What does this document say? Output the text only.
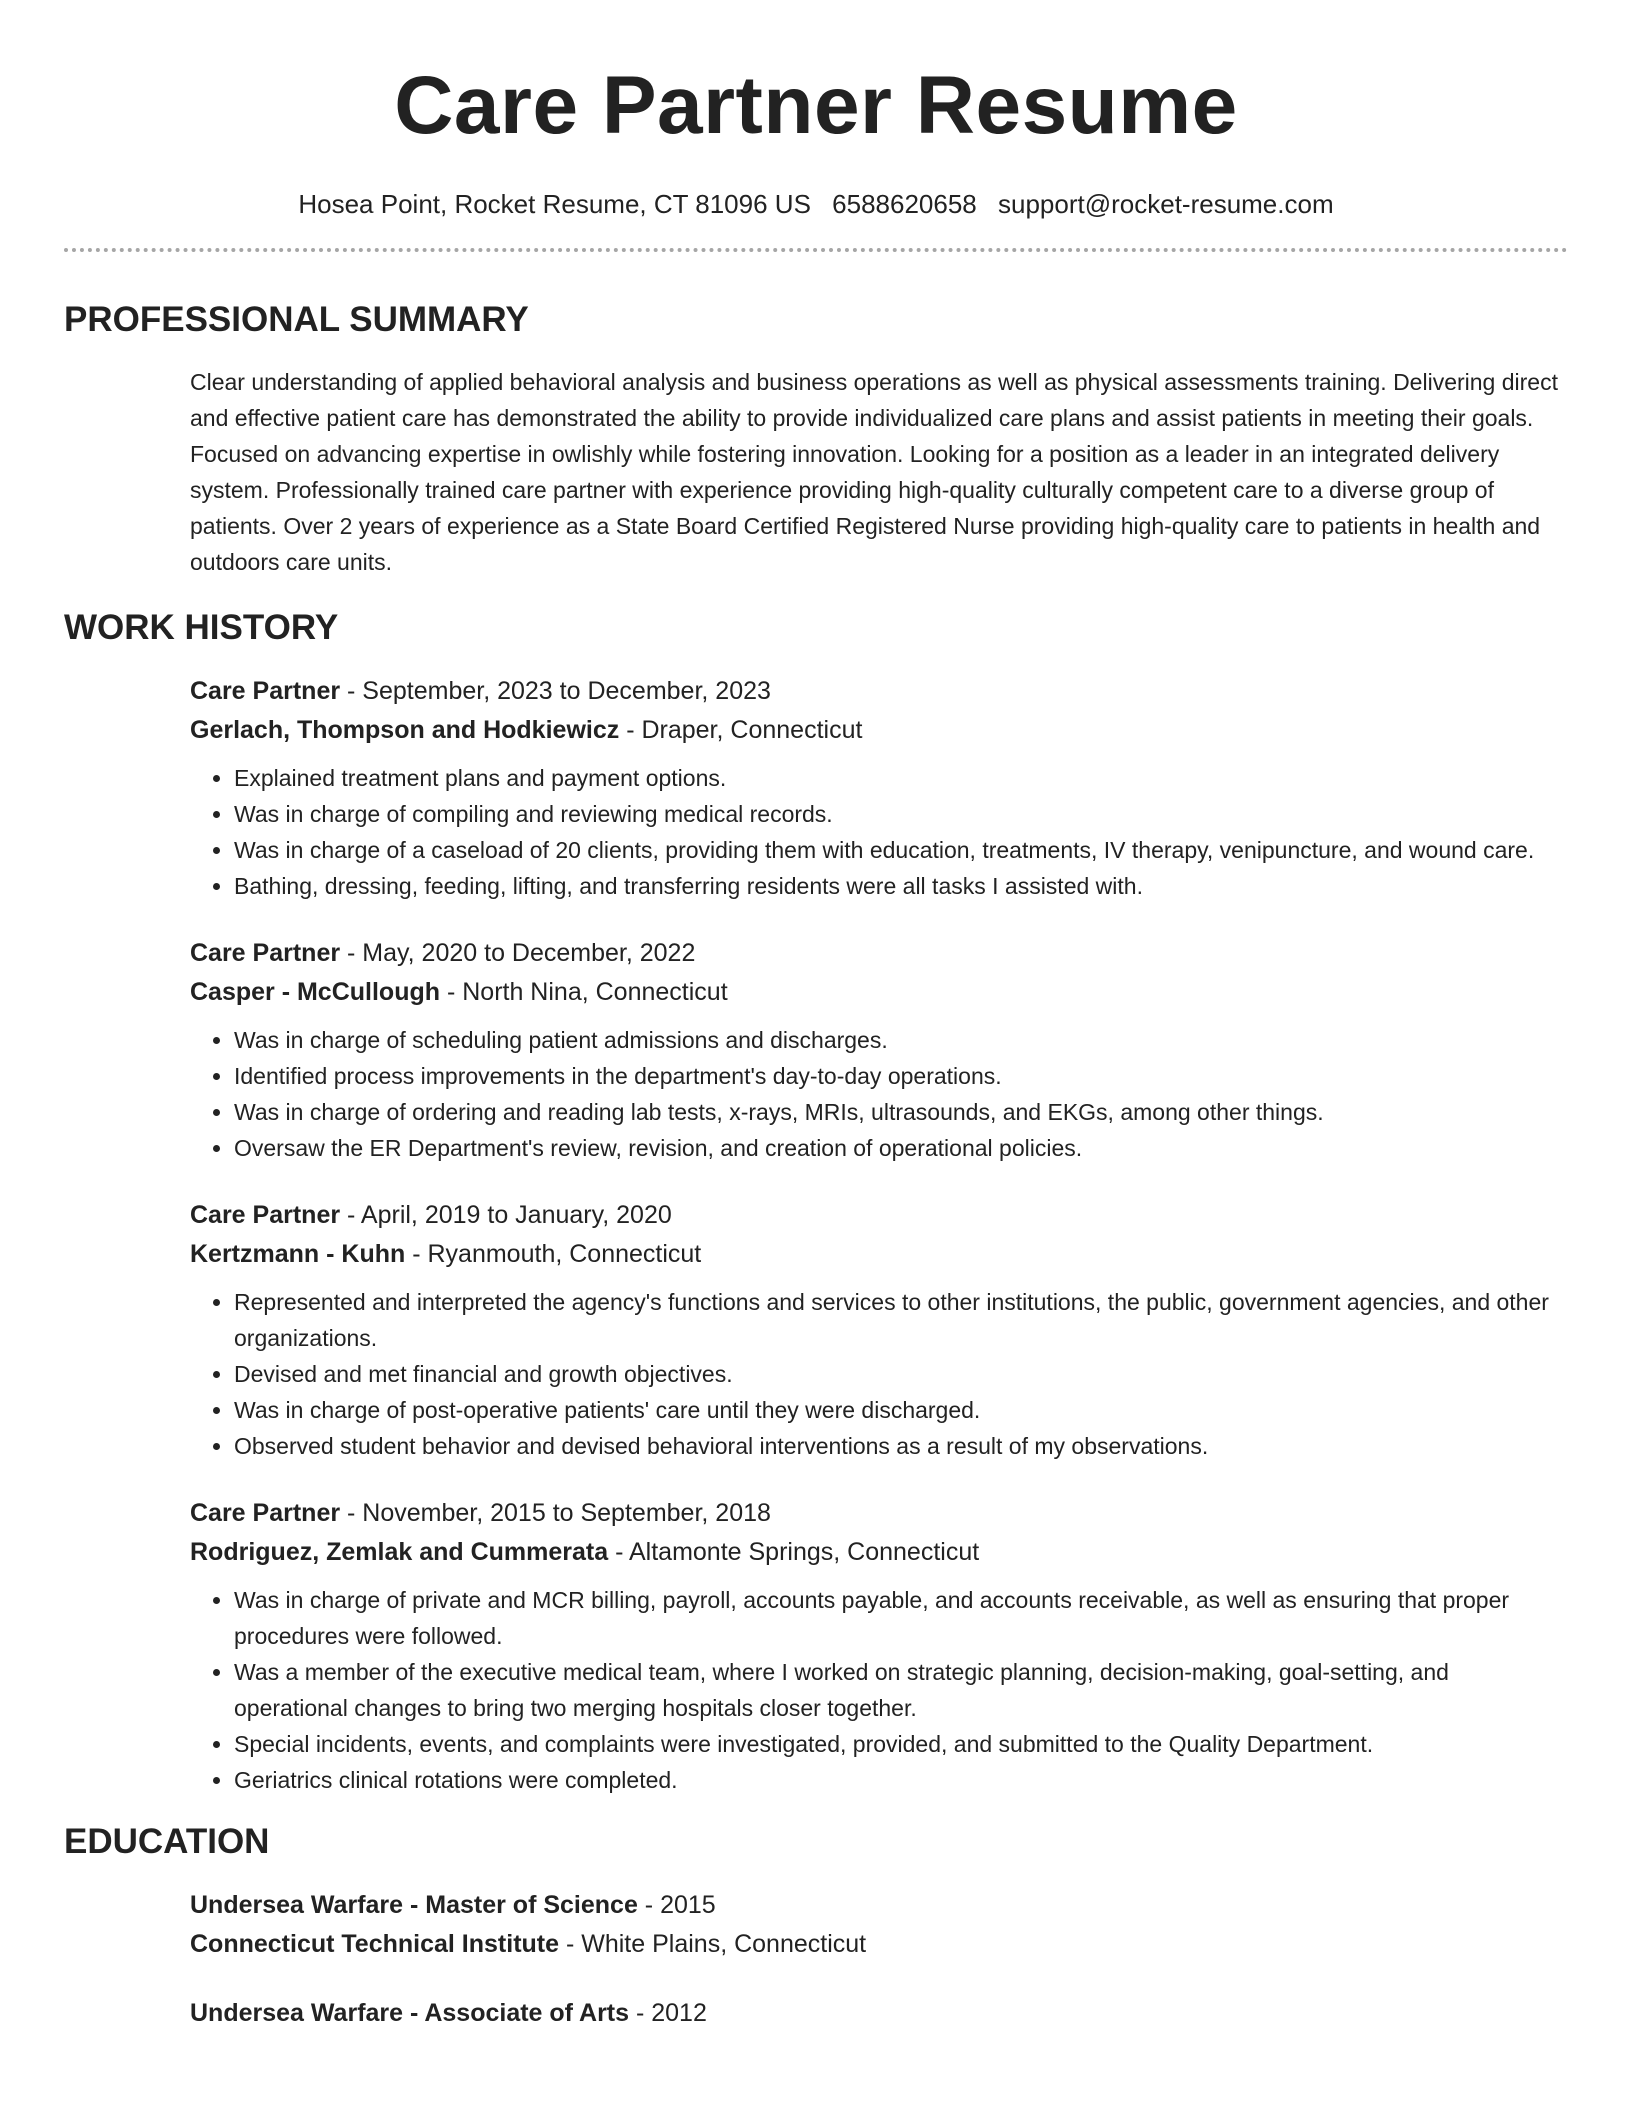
Care Partner Resume
Hosea Point, Rocket Resume, CT 81096 US 6588620658 support@rocket-resume.com
PROFESSIONAL SUMMARY
Clear understanding of applied behavioral analysis and business operations as well as physical assessments training. Delivering direct and effective patient care has demonstrated the ability to provide individualized care plans and assist patients in meeting their goals. Focused on advancing expertise in owlishly while fostering innovation. Looking for a position as a leader in an integrated delivery system. Professionally trained care partner with experience providing high-quality culturally competent care to a diverse group of patients. Over 2 years of experience as a State Board Certified Registered Nurse providing high-quality care to patients in health and outdoors care units.
WORK HISTORY
Care Partner - September, 2023 to December, 2023
Gerlach, Thompson and Hodkiewicz - Draper, Connecticut
• Explained treatment plans and payment options.
• Was in charge of compiling and reviewing medical records.
• Was in charge of a caseload of 20 clients, providing them with education, treatments, IV therapy, venipuncture, and wound care.
• Bathing, dressing, feeding, lifting, and transferring residents were all tasks I assisted with.
Care Partner - May, 2020 to December, 2022
Casper - McCullough - North Nina, Connecticut
• Was in charge of scheduling patient admissions and discharges.
• Identified process improvements in the department's day-to-day operations.
• Was in charge of ordering and reading lab tests, x-rays, MRIs, ultrasounds, and EKGs, among other things.
• Oversaw the ER Department's review, revision, and creation of operational policies.
Care Partner - April, 2019 to January, 2020
Kertzmann - Kuhn - Ryanmouth, Connecticut
• Represented and interpreted the agency's functions and services to other institutions, the public, government agencies, and other organizations.
• Devised and met financial and growth objectives.
• Was in charge of post-operative patients' care until they were discharged.
• Observed student behavior and devised behavioral interventions as a result of my observations.
Care Partner - November, 2015 to September, 2018
Rodriguez, Zemlak and Cummerata - Altamonte Springs, Connecticut
• Was in charge of private and MCR billing, payroll, accounts payable, and accounts receivable, as well as ensuring that proper procedures were followed.
• Was a member of the executive medical team, where I worked on strategic planning, decision-making, goal-setting, and operational changes to bring two merging hospitals closer together.
• Special incidents, events, and complaints were investigated, provided, and submitted to the Quality Department.
• Geriatrics clinical rotations were completed.
EDUCATION
Undersea Warfare - Master of Science - 2015
Connecticut Technical Institute - White Plains, Connecticut
Undersea Warfare - Associate of Arts - 2012
